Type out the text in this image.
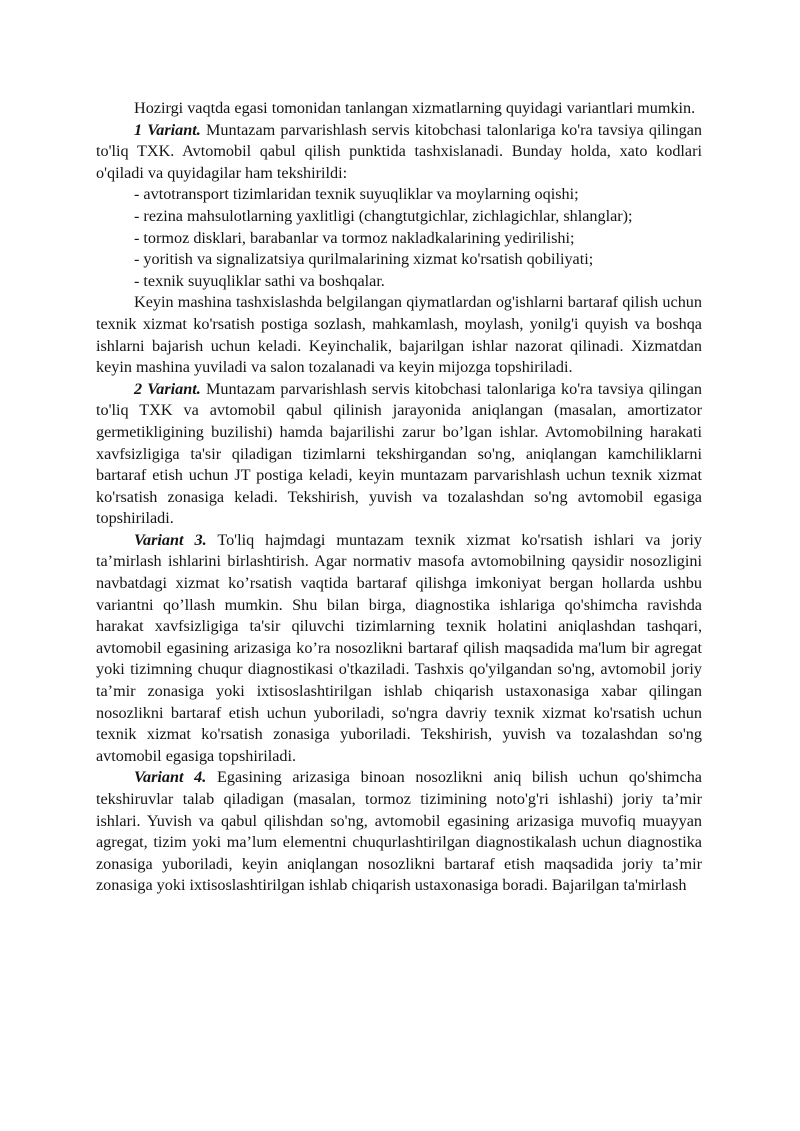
Hozirgi vaqtda egasi tomonidan tanlangan xizmatlarning quyidagi variantlari mumkin.

1 Variant. Muntazam parvarishlash servis kitobchasi talonlariga ko'ra tavsiya qilingan to'liq TXK. Avtomobil qabul qilish punktida tashxislanadi. Bunday holda, xato kodlari o'qiladi va quyidagilar ham tekshirildi:

- avtotransport tizimlaridan texnik suyuqliklar va moylarning oqishi;

- rezina mahsulotlarning yaxlitligi (changtutgichlar, zichlagichlar, shlanglar);

- tormoz disklari, barabanlar va tormoz nakladkalarining yedirilishi;

- yoritish va signalizatsiya qurilmalarining xizmat ko'rsatish qobiliyati;

- texnik suyuqliklar sathi va boshqalar.

Keyin mashina tashxislashda belgilangan qiymatlardan og'ishlarni bartaraf qilish uchun texnik xizmat ko'rsatish postiga sozlash, mahkamlash, moylash, yonilg'i quyish va boshqa ishlarni bajarish uchun keladi. Keyinchalik, bajarilgan ishlar nazorat qilinadi. Xizmatdan keyin mashina yuviladi va salon tozalanadi va keyin mijozga topshiriladi.

2 Variant. Muntazam parvarishlash servis kitobchasi talonlariga ko'ra tavsiya qilingan to'liq TXK va avtomobil qabul qilinish jarayonida aniqlangan (masalan, amortizator germetikligining buzilishi) hamda bajarilishi zarur bo’lgan ishlar. Avtomobilning harakati xavfsizligiga ta'sir qiladigan tizimlarni tekshirgandan so'ng, aniqlangan kamchiliklarni bartaraf etish uchun JT postiga keladi, keyin muntazam parvarishlash uchun texnik xizmat ko'rsatish zonasiga keladi. Tekshirish, yuvish va tozalashdan so'ng avtomobil egasiga topshiriladi.

Variant 3. To'liq hajmdagi muntazam texnik xizmat ko'rsatish ishlari va joriy ta’mirlash ishlarini birlashtirish. Agar normativ masofa avtomobilning qaysidir nosozligini navbatdagi xizmat ko’rsatish vaqtida bartaraf qilishga imkoniyat bergan hollarda ushbu variantni qo’llash mumkin. Shu bilan birga, diagnostika ishlariga qo'shimcha ravishda harakat xavfsizligiga ta'sir qiluvchi tizimlarning texnik holatini aniqlashdan tashqari, avtomobil egasining arizasiga ko’ra nosozlikni bartaraf qilish maqsadida ma'lum bir agregat yoki tizimning chuqur diagnostikasi o'tkaziladi. Tashxis qo'yilgandan so'ng, avtomobil joriy ta’mir zonasiga yoki ixtisoslashtirilgan ishlab chiqarish ustaxonasiga xabar qilingan nosozlikni bartaraf etish uchun yuboriladi, so'ngra davriy texnik xizmat ko'rsatish uchun texnik xizmat ko'rsatish zonasiga yuboriladi. Tekshirish, yuvish va tozalashdan so'ng avtomobil egasiga topshiriladi.

Variant 4. Egasining arizasiga binoan nosozlikni aniq bilish uchun qo'shimcha tekshiruvlar talab qiladigan (masalan, tormoz tizimining noto'g'ri ishlashi) joriy ta’mir ishlari. Yuvish va qabul qilishdan so'ng, avtomobil egasining arizasiga muvofiq muayyan agregat, tizim yoki ma’lum elementni chuqurlashtirilgan diagnostikalash uchun diagnostika zonasiga yuboriladi, keyin aniqlangan nosozlikni bartaraf etish maqsadida joriy ta’mir zonasiga yoki ixtisoslashtirilgan ishlab chiqarish ustaxonasiga boradi. Bajarilgan ta'mirlash
